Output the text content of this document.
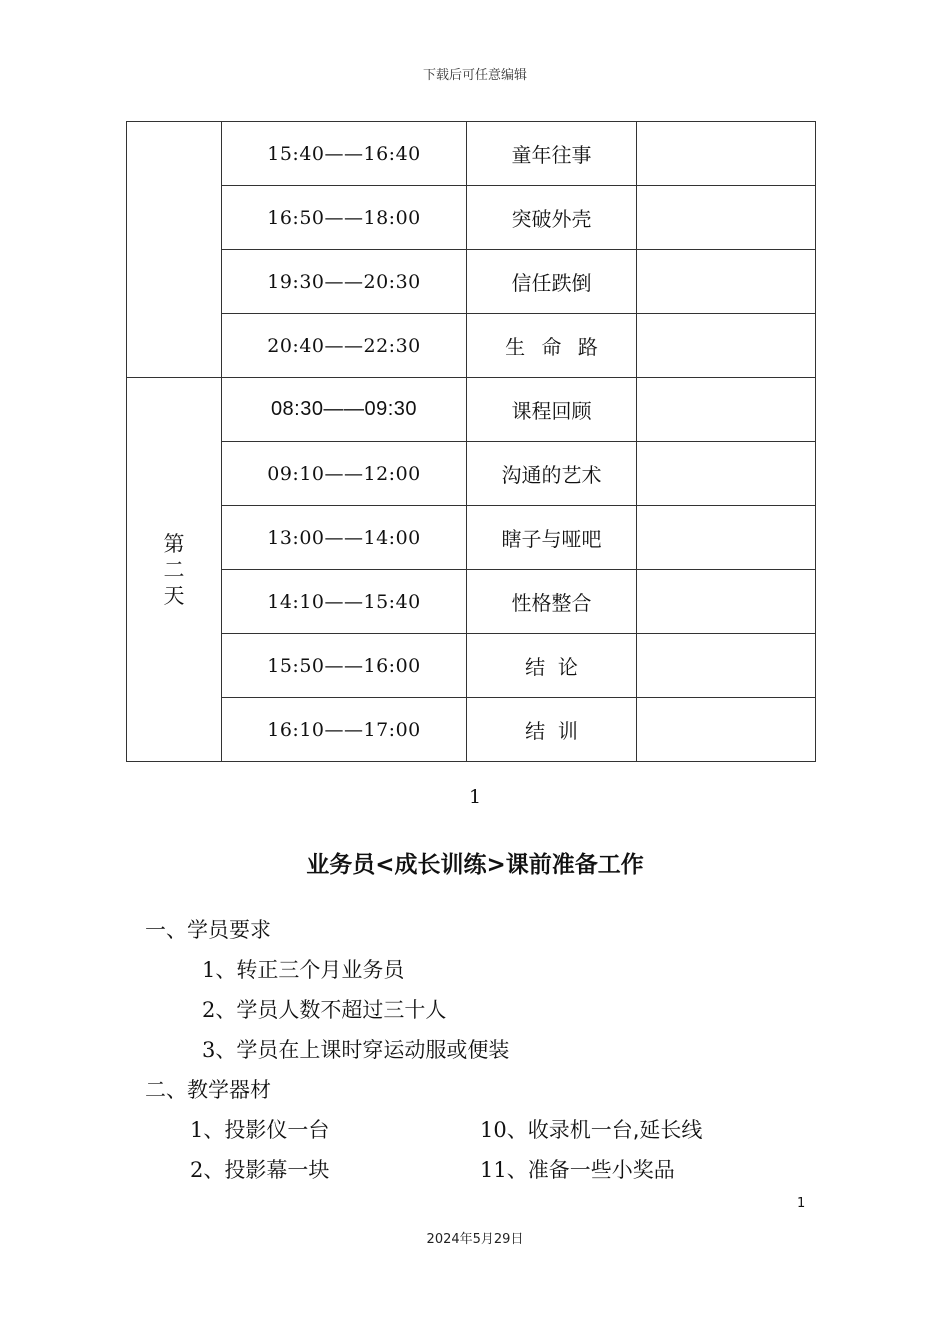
下载后可任意编辑
	15:40——16:40	童年往事	
	16:50——18:00	突破外壳	
	19:30——20:30	信任跌倒	
	20:40——22:30	生 命 路	

第
二
天	08:30——09:30	课程回顾	
	09:10——12:00	沟通的艺术	
	13:00——14:00	瞎子与哑吧	
	14:10——15:40	性格整合	
	15:50——16:00	结  论	
	16:10——17:00	结  训	
1
业务员<成长训练>课前准备工作
一、学员要求
1、转正三个月业务员
2、学员人数不超过三十人
3、学员在上课时穿运动服或便装
二、教学器材
1、投影仪一台	10、收录机一台,延长线
2、投影幕一块	11、准备一些小奖品
1
2024年5月29日
